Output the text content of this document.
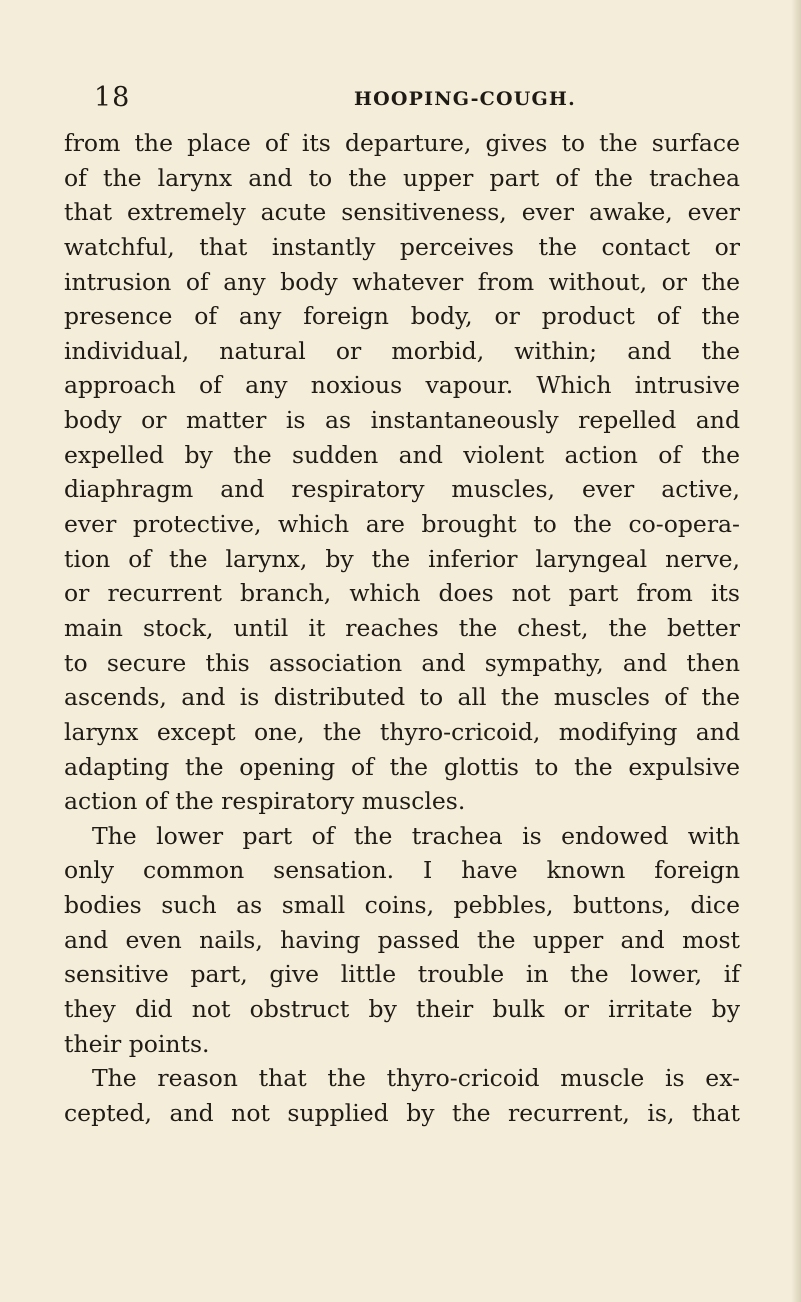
18	HOOPING-COUGH.
from the place of its departure, gives to the surface
of the larynx and to the upper part of the trachea
that extremely acute sensitiveness, ever awake, ever
watchful, that instantly perceives the contact or
intrusion of any body whatever from without, or the
presence of any foreign body, or product of the
individual, natural or morbid, within; and the
approach of any noxious vapour. Which intrusive
body or matter is as instantaneously repelled and
expelled by the sudden and violent action of the
diaphragm and respiratory muscles, ever active,
ever protective, which are brought to the co-opera-
tion of the larynx, by the inferior laryngeal nerve,
or recurrent branch, which does not part from its
main stock, until it reaches the chest, the better
to secure this association and sympathy, and then
ascends, and is distributed to all the muscles of the
larynx except one, the thyro-cricoid, modifying and
adapting the opening of the glottis to the expulsive
action of the respiratory muscles.
The lower part of the trachea is endowed with
only common sensation. I have known foreign
bodies such as small coins, pebbles, buttons, dice
and even nails, having passed the upper and most
sensitive part, give little trouble in the lower, if
they did not obstruct by their bulk or irritate by
their points.
The reason that the thyro-cricoid muscle is ex-
cepted, and not supplied by the recurrent, is, that
